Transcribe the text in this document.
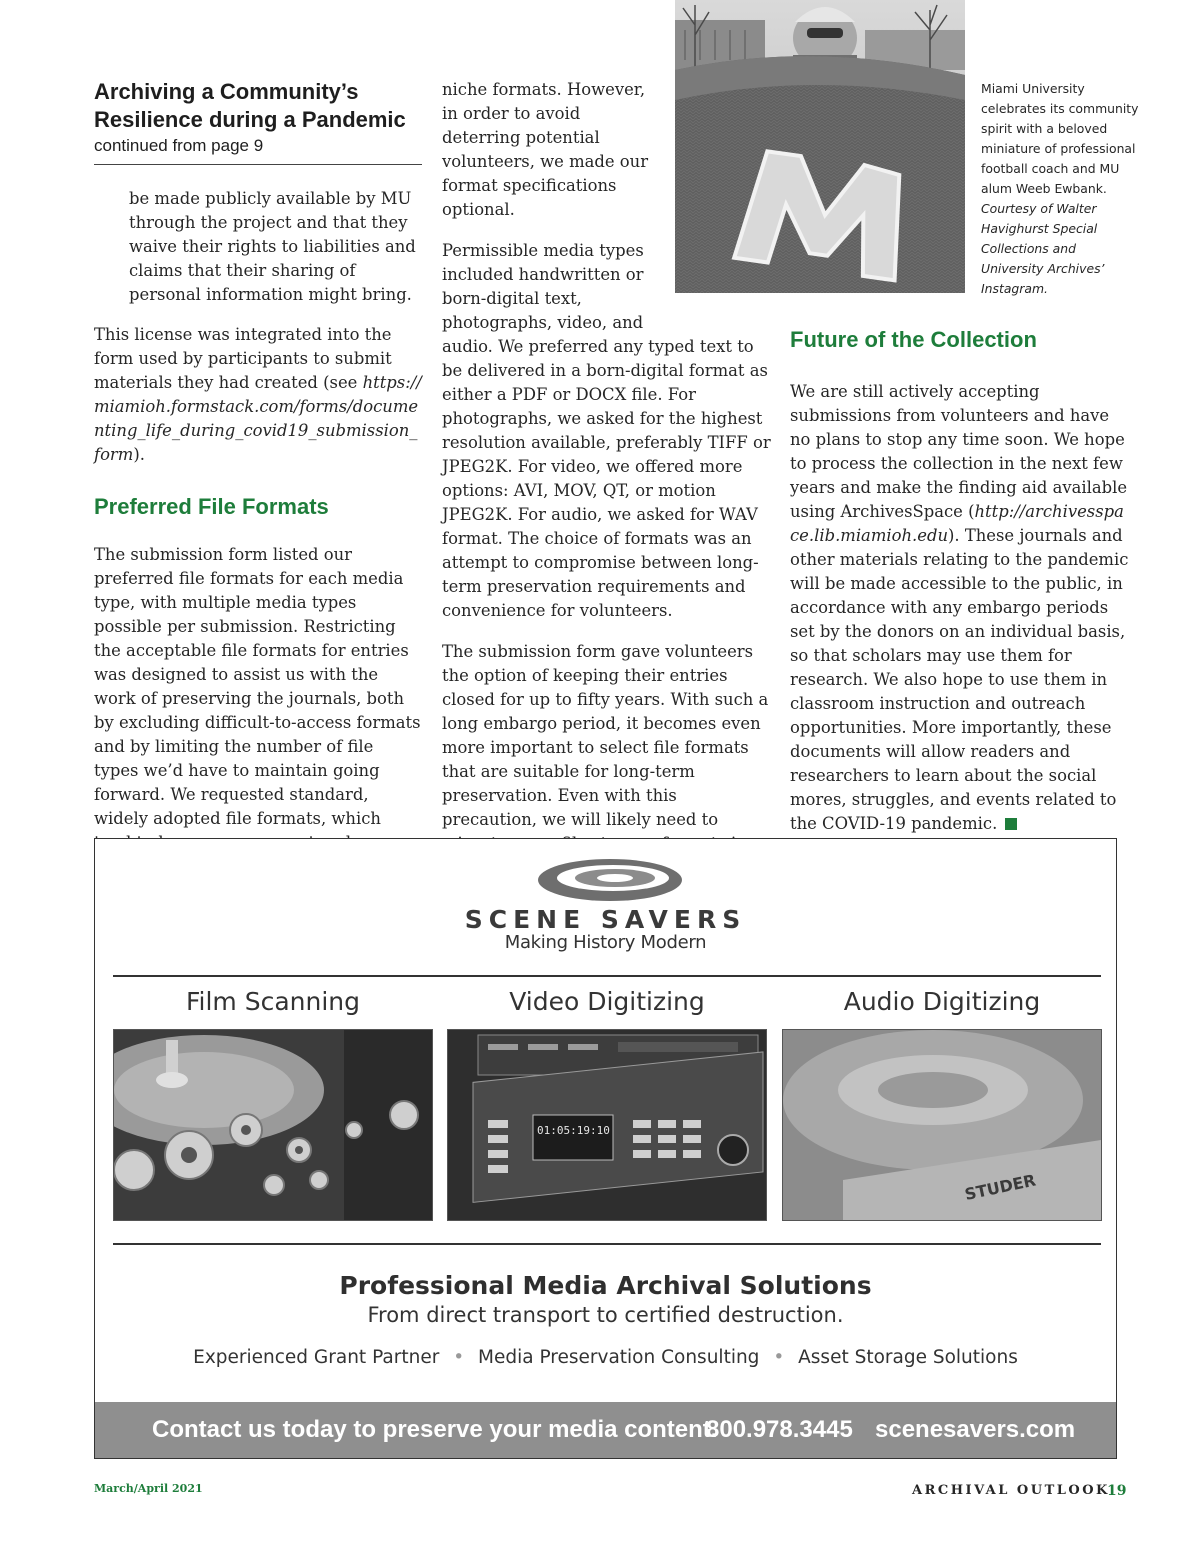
Archiving a Community’s Resilience during a Pandemic
continued from page 9

be made publicly available by MU through the project and that they waive their rights to liabilities and claims that their sharing of personal information might bring.

This license was integrated into the form used by participants to submit materials they had created (see https://miamioh.formstack.com/forms/documenting_life_during_covid19_submission_form).

Preferred File Formats

The submission form listed our preferred file formats for each media type, with multiple media types possible per submission. Restricting the acceptable file formats for entries was designed to assist us with the work of preserving the journals, both by excluding difficult-to-access formats and by limiting the number of file types we’d have to maintain going forward. We requested standard, widely adopted file formats, which

niche formats. However, in order to avoid deterring potential volunteers, we made our format specifications optional.

Permissible media types included handwritten or born-digital text, photographs, video, and

audio. We preferred any typed text to be delivered in a born-digital format as either a PDF or DOCX file. For photographs, we asked for the highest resolution available, preferably TIFF or JPEG2K. For video, we offered more options: AVI, MOV, QT, or motion JPEG2K. For audio, we asked for WAV format. The choice of formats was an attempt to compromise between long-term preservation requirements and convenience for volunteers.

The submission form gave volunteers the option of keeping their entries closed for up to fifty years. With such a long embargo period, it becomes even more important to select file formats that are suitable for long-term preservation. Even with this precaution, we will likely need to

Miami University celebrates its community spirit with a beloved miniature of professional football coach and MU alum Weeb Ewbank. Courtesy of Walter Havighurst Special Collections and University Archives’ Instagram.
Future of the Collection

We are still actively accepting submissions from volunteers and have no plans to stop any time soon. We hope to process the collection in the next few years and make the finding aid available using ArchivesSpace (http://archivesspace.lib.miamioh.edu). These journals and other materials relating to the pandemic will be made accessible to the public, in accordance with any embargo periods set by the donors on an individual basis, so that scholars may use them for research. We also hope to use them in classroom instruction and outreach opportunities. More importantly, these documents will allow readers and researchers to learn about the social mores, struggles, and events related to the COVID-19 pandemic.

SCENE SAVERS
Making History Modern
Film Scanning	Video Digitizing	Audio Digitizing
01:05:19:10
STUDER
Professional Media Archival Solutions
From direct transport to certified destruction.
Experienced Grant Partner • Media Preservation Consulting • Asset Storage Solutions
Contact us today to preserve your media content.
800.978.3445 scenesavers.com
March/April 2021	ARCHIVAL OUTLOOK
19
